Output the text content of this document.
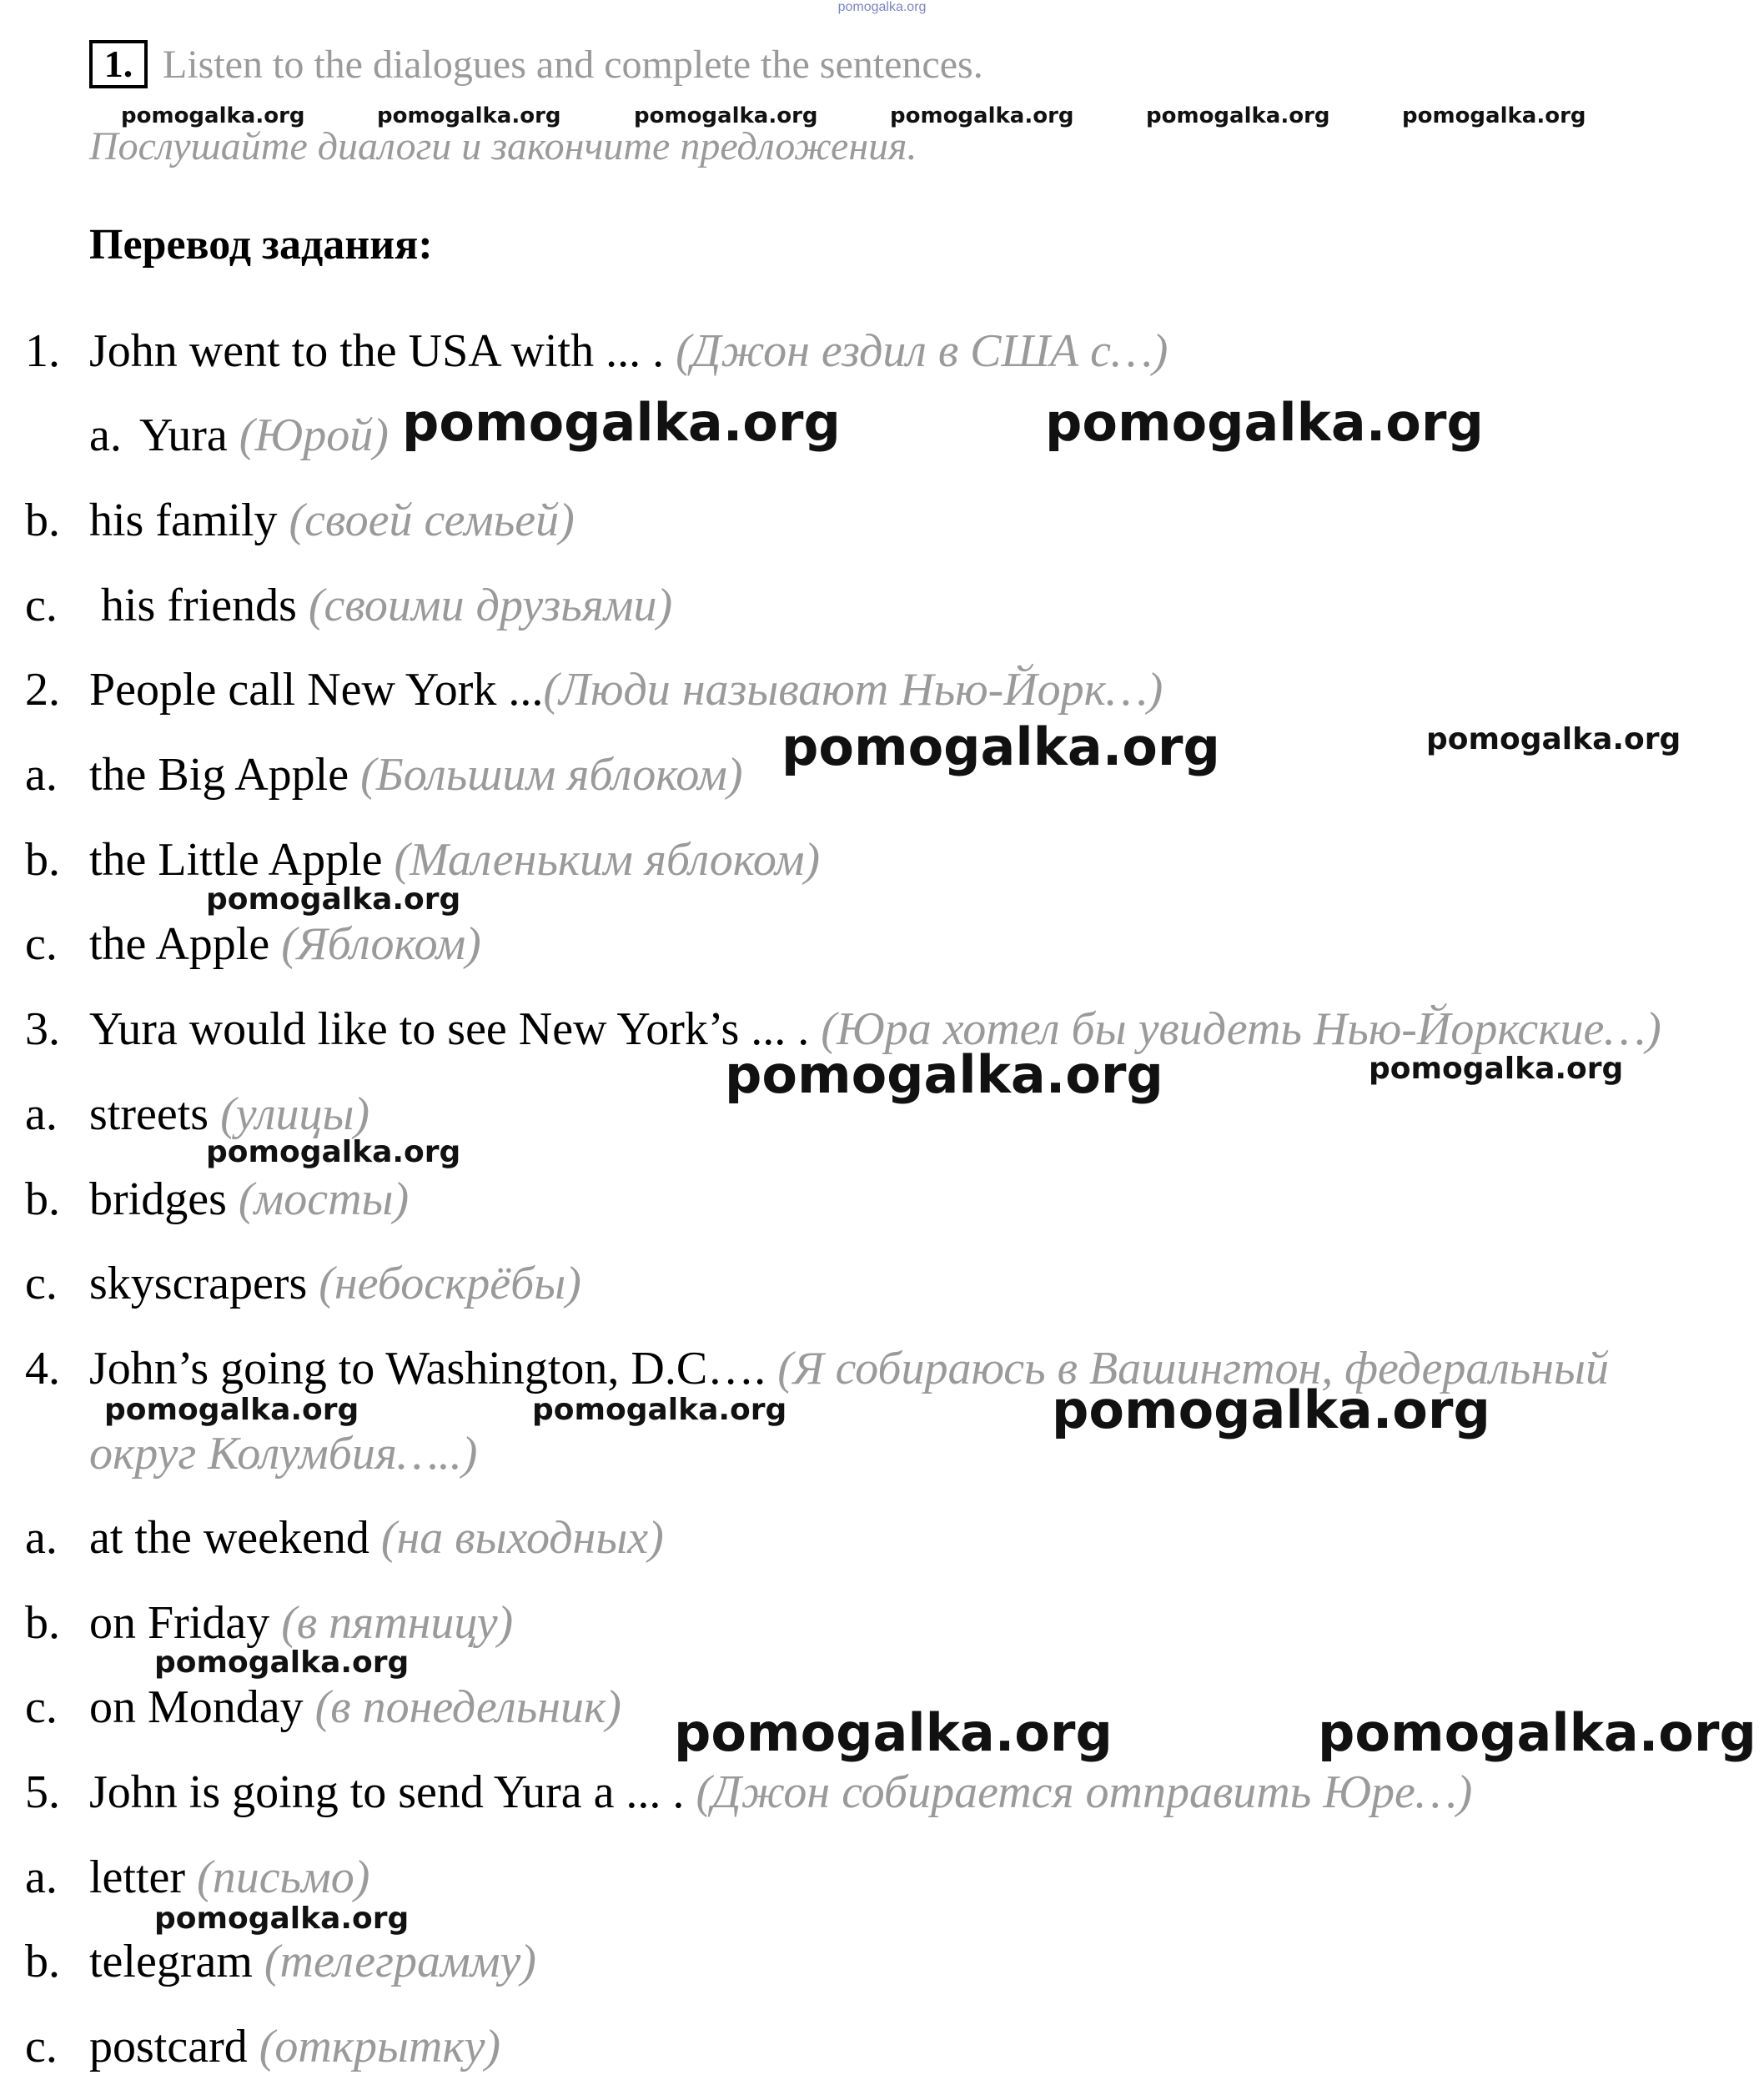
pomogalka.org
1. Listen to the dialogues and complete the sentences.
Послушайте диалоги и закончите предложения.
Перевод задания:
1. John went to the USA with ... . (Джон ездил в США с…)
a. Yura (Юрой)
b. his family (своей семьей)
c. his friends (своими друзьями)
2. People call New York ...(Люди называют Нью-Йорк…)
a. the Big Apple (Большим яблоком)
b. the Little Apple (Маленьким яблоком)
c. the Apple (Яблоком)
3. Yura would like to see New York’s ... . (Юра хотел бы увидеть Нью-Йоркские…)
a. streets (улицы)
b. bridges (мосты)
c. skyscrapers (небоскрёбы)
4. John’s going to Washington, D.C…. (Я собираюсь в Вашингтон, федеральный
округ Колумбия…..)
a. at the weekend (на выходных)
b. on Friday (в пятницу)
c. on Monday (в понедельник)
5. John is going to send Yura a ... . (Джон собирается отправить Юре…)
a. letter (письмо)
b. telegram (телеграмму)
c. postcard (открытку)
pomogalka.org	pomogalka.org	pomogalka.org	pomogalka.org	pomogalka.org	pomogalka.org
pomogalka.org	pomogalka.org
pomogalka.org	pomogalka.org
pomogalka.org
pomogalka.org	pomogalka.org
pomogalka.org
pomogalka.org	pomogalka.org	pomogalka.org
pomogalka.org
pomogalka.org	pomogalka.org
pomogalka.org
